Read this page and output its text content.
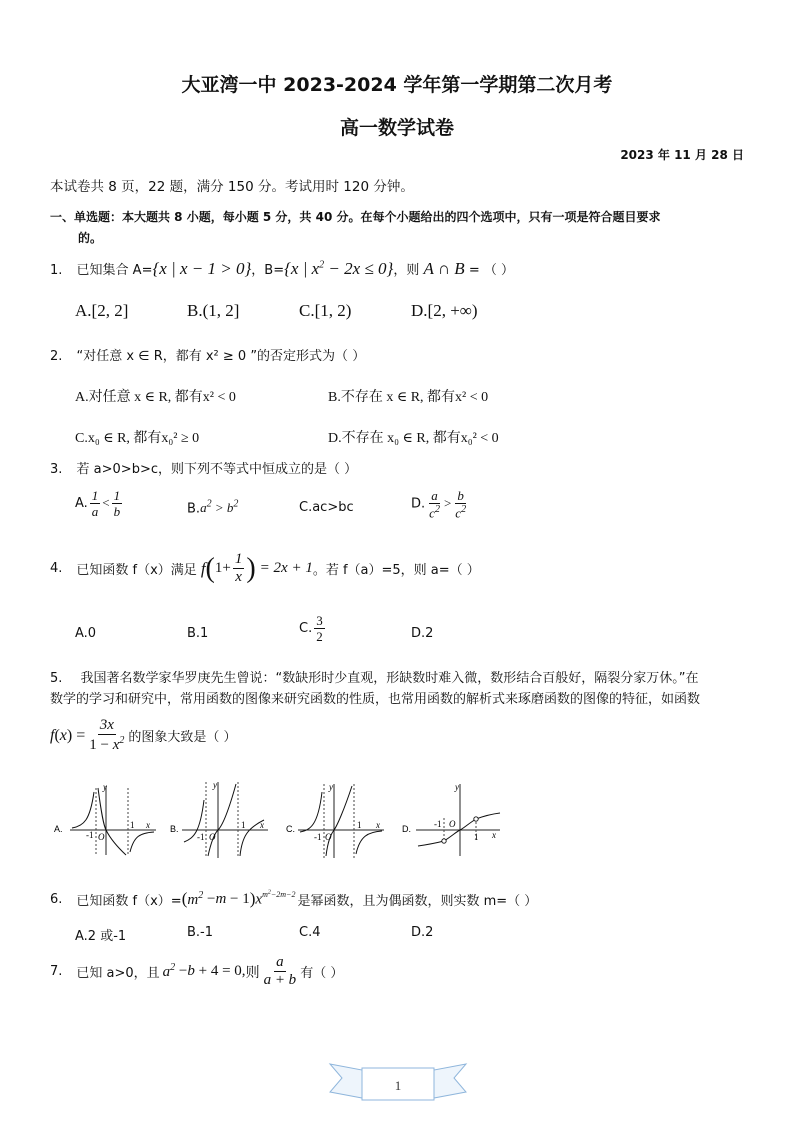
大亚湾一中 2023-2024 学年第一学期第二次月考
高一数学试卷
2023 年 11 月 28 日
本试卷共 8 页，22 题，满分 150 分。考试用时 120 分钟。
一、单选题：本大题共 8 小题，每小题 5 分，共 40 分。在每个小题给出的四个选项中，只有一项是符合题目要求
的。
1. 已知集合 A={x | x − 1 > 0}，B={x | $x^2 - 2x \le 0$}，则 A ∩ B = （ ）
A.[2, 2]	B.(1, 2]	C.[1, 2)	D.[2, +∞)
2. “对任意 x ∈ R，都有 x² ≥ 0 ”的否定形式为（ ）
A.对任意 x ∈ R, 都有x² < 0	B.不存在 x ∈ R, 都有x² < 0
C.x₀ ∈ R, 都有x₀² ≥ 0	D.不存在 x₀ ∈ R, 都有x₀² < 0
3. 若 a>0>b>c，则下列不等式中恒成立的是（ ）
A. $\frac{1}{a} < \frac{1}{b}$	$B.a^2 > b^2$	C.ac>bc	D. $\frac{a}{c^2} > \frac{b}{c^2}$
4. 已知函数 f（x）满足 f ( $1+ \frac{1}{x}$ ) = 2x + 1 。若 f（a）=5，则 a=（ ）
A.0	B.1	C. $\frac{3}{2}$	D.2
5. 我国著名数学家华罗庚先生曾说：“数缺形时少直观，形缺数时难入微，数形结合百般好，隔裂分家万休。”在
数学的学习和研究中，常用函数的图像来研究函数的性质，也常用函数的解析式来琢磨函数的图像的特征，如函数
f ( x ) = $\frac{3x}{1 - x^2}$ 的图象大致是（ ）
A.
y
x
O
-1
1	B.
y
x
O
-1
1	C.
y
x
O
-1
1	D.
y
x
O
-1
1
6. 已知函数 f（x）= ( $m^2 - m - 1$ ) $x^{m^2-2m-2}$ 是幂函数，且为偶函数，则实数 m=（ ）
A.2 或-1	B.-1	C.4	D.2
7. 已知 a>0，且 $a^2 - b + 4 = 0$, 则 $\frac{a}{a + b}$ 有（ ）
1
